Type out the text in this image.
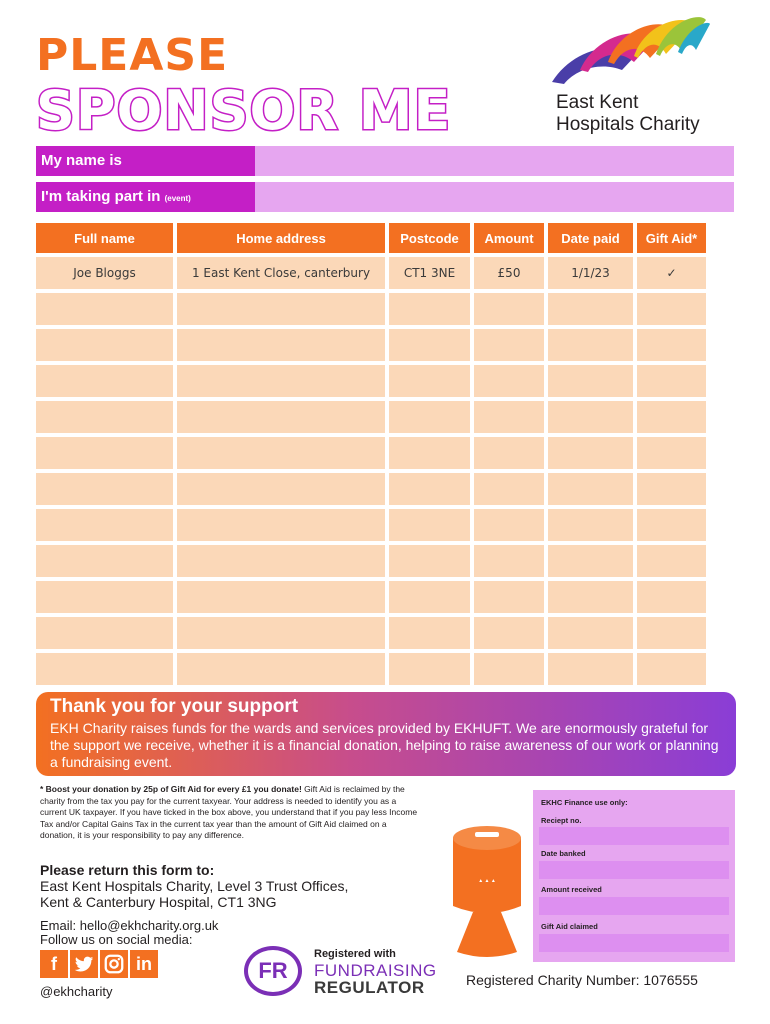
PLEASE
SPONSOR ME	East Kent
Hospitals Charity
My name is
I'm taking part in (event)
Full name	Home address	Postcode	Amount	Date paid	Gift Aid*
Joe Bloggs	1 East Kent Close, canterbury	CT1 3NE	£50	1/1/23	✓

Thank you for your support
EKH Charity raises funds for the wards and services provided by EKHUFT. We are enormously grateful for the support we receive, whether it is a financial donation, helping to raise awareness of our work or planning a fundraising event.
* Boost your donation by 25p of Gift Aid for every £1 you donate! Gift Aid is reclaimed by the charity from the tax you pay for the current taxyear. Your address is needed to identify you as a current UK taxpayer. If you have ticked in the box above, you understand that if you pay less Income Tax and/or Capital Gains Tax in the current tax year than the amount of Gift Aid claimed on a donation, it is your responsibility to pay any difference.
Please return this form to:
East Kent Hospitals Charity, Level 3 Trust Offices,
Kent & Canterbury Hospital, CT1 3NG
Email: hello@ekhcharity.org.uk
Follow us on social media:
f	in
@ekhcharity
▲ ▲ ▲
EKHC Finance use only:
Reciept no.
Date banked
Amount received
Gift Aid claimed
FR
Registered with
FUNDRAISING
REGULATOR	Registered Charity Number: 1076555
